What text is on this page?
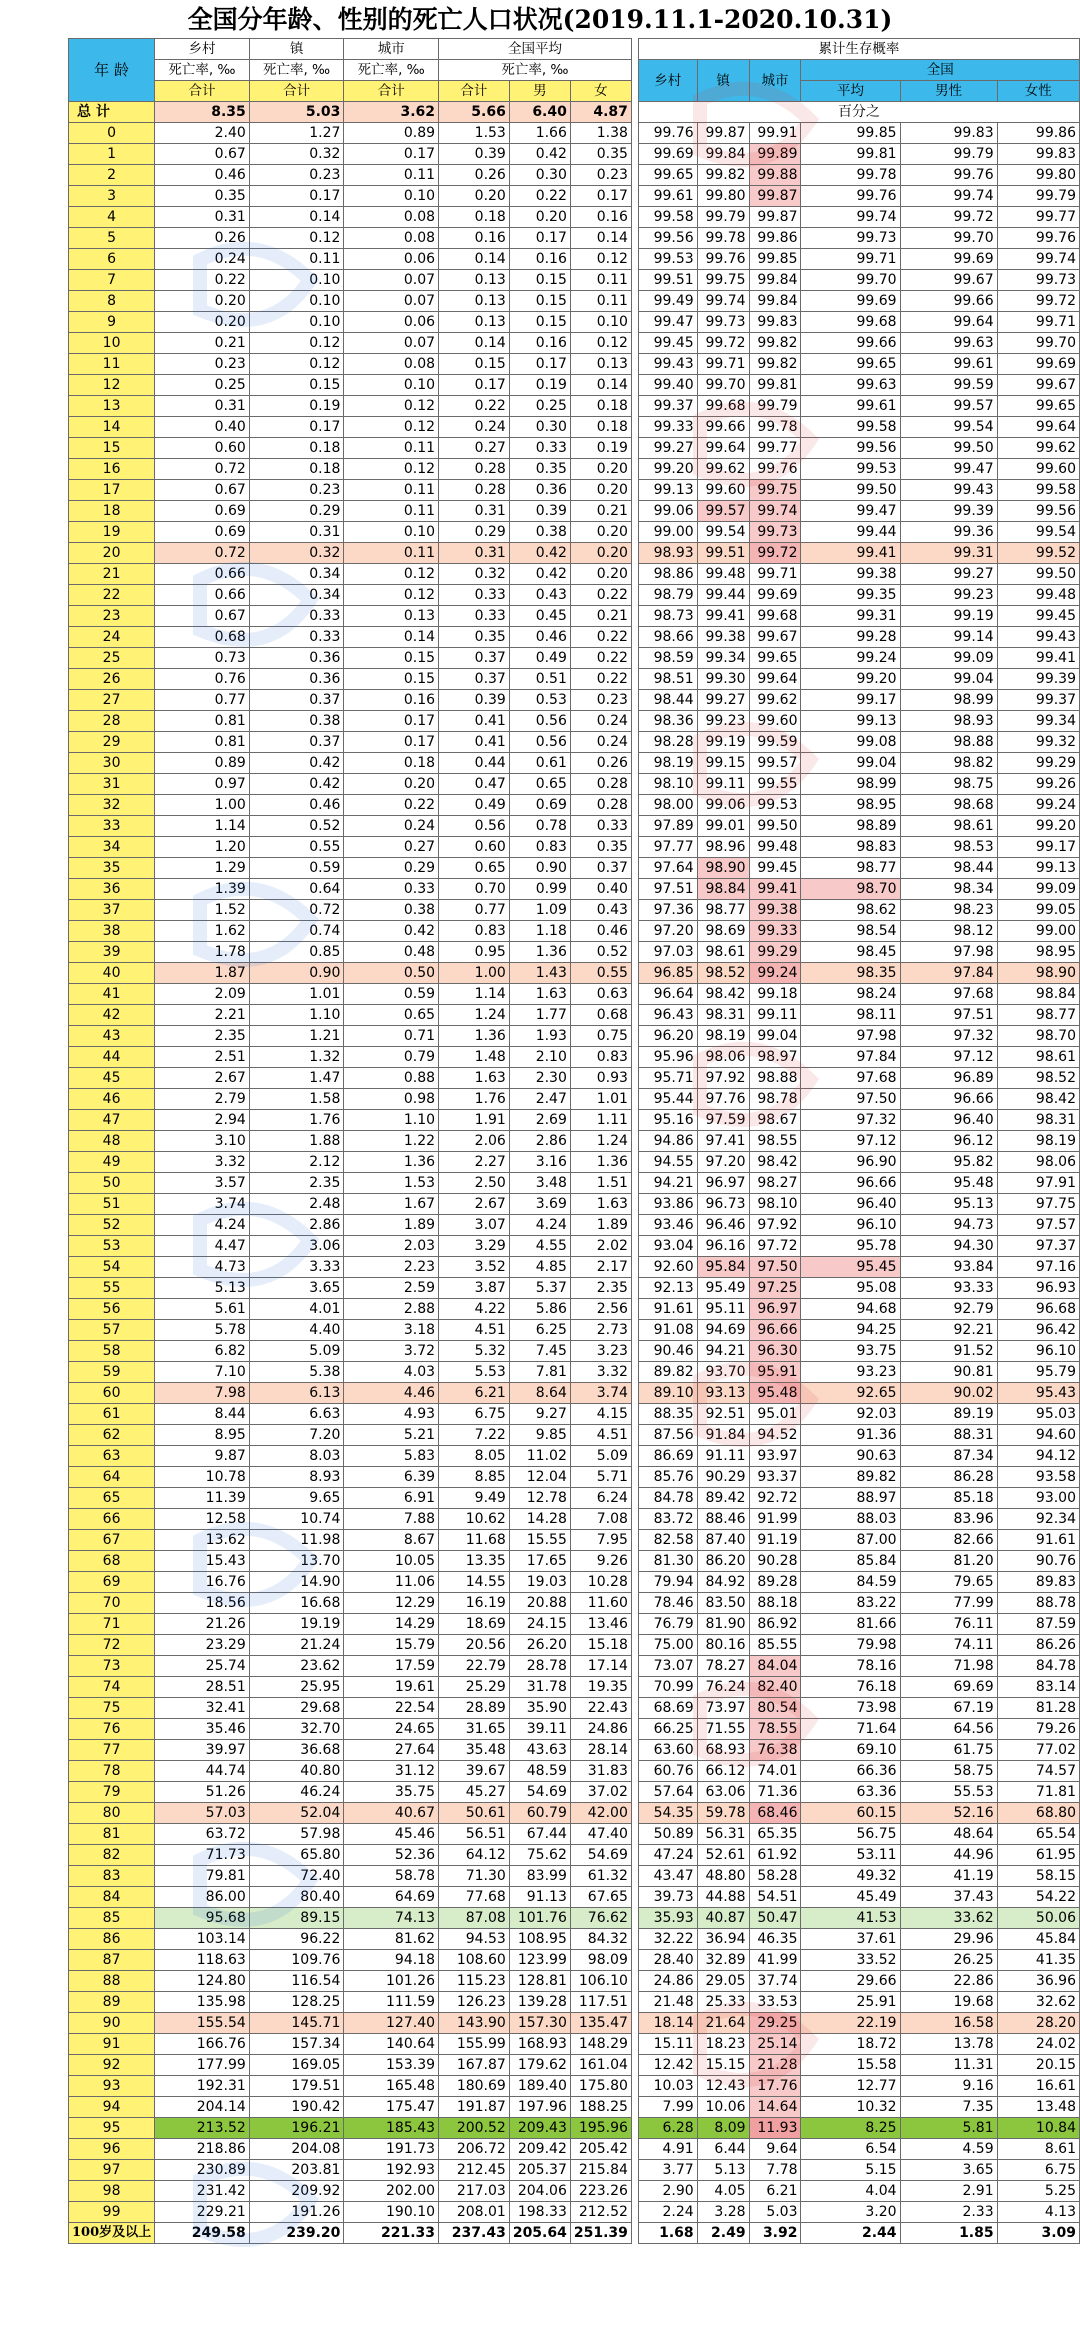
全国分年龄、性别的死亡人口状况(2019.11.1-2020.10.31)
年 龄	乡村	镇	城市	全国平均				累计生存概率					
	死亡率, ‰	死亡率, ‰	死亡率, ‰	死亡率, ‰				乡村	镇	城市	全国		
	合计	合计	合计	合计	男	女					平均	男性	女性
总 计	8.35	5.03	3.62	5.66	6.40	4.87		百分之					
0	2.40	1.27	0.89	1.53	1.66	1.38		99.76	99.87	99.91	99.85	99.83	99.86
1	0.67	0.32	0.17	0.39	0.42	0.35		99.69	99.84	99.89	99.81	99.79	99.83
2	0.46	0.23	0.11	0.26	0.30	0.23		99.65	99.82	99.88	99.78	99.76	99.80
3	0.35	0.17	0.10	0.20	0.22	0.17		99.61	99.80	99.87	99.76	99.74	99.79
4	0.31	0.14	0.08	0.18	0.20	0.16		99.58	99.79	99.87	99.74	99.72	99.77
5	0.26	0.12	0.08	0.16	0.17	0.14		99.56	99.78	99.86	99.73	99.70	99.76
6	0.24	0.11	0.06	0.14	0.16	0.12		99.53	99.76	99.85	99.71	99.69	99.74
7	0.22	0.10	0.07	0.13	0.15	0.11		99.51	99.75	99.84	99.70	99.67	99.73
8	0.20	0.10	0.07	0.13	0.15	0.11		99.49	99.74	99.84	99.69	99.66	99.72
9	0.20	0.10	0.06	0.13	0.15	0.10		99.47	99.73	99.83	99.68	99.64	99.71
10	0.21	0.12	0.07	0.14	0.16	0.12		99.45	99.72	99.82	99.66	99.63	99.70
11	0.23	0.12	0.08	0.15	0.17	0.13		99.43	99.71	99.82	99.65	99.61	99.69
12	0.25	0.15	0.10	0.17	0.19	0.14		99.40	99.70	99.81	99.63	99.59	99.67
13	0.31	0.19	0.12	0.22	0.25	0.18		99.37	99.68	99.79	99.61	99.57	99.65
14	0.40	0.17	0.12	0.24	0.30	0.18		99.33	99.66	99.78	99.58	99.54	99.64
15	0.60	0.18	0.11	0.27	0.33	0.19		99.27	99.64	99.77	99.56	99.50	99.62
16	0.72	0.18	0.12	0.28	0.35	0.20		99.20	99.62	99.76	99.53	99.47	99.60
17	0.67	0.23	0.11	0.28	0.36	0.20		99.13	99.60	99.75	99.50	99.43	99.58
18	0.69	0.29	0.11	0.31	0.39	0.21		99.06	99.57	99.74	99.47	99.39	99.56
19	0.69	0.31	0.10	0.29	0.38	0.20		99.00	99.54	99.73	99.44	99.36	99.54
20	0.72	0.32	0.11	0.31	0.42	0.20		98.93	99.51	99.72	99.41	99.31	99.52
21	0.66	0.34	0.12	0.32	0.42	0.20		98.86	99.48	99.71	99.38	99.27	99.50
22	0.66	0.34	0.12	0.33	0.43	0.22		98.79	99.44	99.69	99.35	99.23	99.48
23	0.67	0.33	0.13	0.33	0.45	0.21		98.73	99.41	99.68	99.31	99.19	99.45
24	0.68	0.33	0.14	0.35	0.46	0.22		98.66	99.38	99.67	99.28	99.14	99.43
25	0.73	0.36	0.15	0.37	0.49	0.22		98.59	99.34	99.65	99.24	99.09	99.41
26	0.76	0.36	0.15	0.37	0.51	0.22		98.51	99.30	99.64	99.20	99.04	99.39
27	0.77	0.37	0.16	0.39	0.53	0.23		98.44	99.27	99.62	99.17	98.99	99.37
28	0.81	0.38	0.17	0.41	0.56	0.24		98.36	99.23	99.60	99.13	98.93	99.34
29	0.81	0.37	0.17	0.41	0.56	0.24		98.28	99.19	99.59	99.08	98.88	99.32
30	0.89	0.42	0.18	0.44	0.61	0.26		98.19	99.15	99.57	99.04	98.82	99.29
31	0.97	0.42	0.20	0.47	0.65	0.28		98.10	99.11	99.55	98.99	98.75	99.26
32	1.00	0.46	0.22	0.49	0.69	0.28		98.00	99.06	99.53	98.95	98.68	99.24
33	1.14	0.52	0.24	0.56	0.78	0.33		97.89	99.01	99.50	98.89	98.61	99.20
34	1.20	0.55	0.27	0.60	0.83	0.35		97.77	98.96	99.48	98.83	98.53	99.17
35	1.29	0.59	0.29	0.65	0.90	0.37		97.64	98.90	99.45	98.77	98.44	99.13
36	1.39	0.64	0.33	0.70	0.99	0.40		97.51	98.84	99.41	98.70	98.34	99.09
37	1.52	0.72	0.38	0.77	1.09	0.43		97.36	98.77	99.38	98.62	98.23	99.05
38	1.62	0.74	0.42	0.83	1.18	0.46		97.20	98.69	99.33	98.54	98.12	99.00
39	1.78	0.85	0.48	0.95	1.36	0.52		97.03	98.61	99.29	98.45	97.98	98.95
40	1.87	0.90	0.50	1.00	1.43	0.55		96.85	98.52	99.24	98.35	97.84	98.90
41	2.09	1.01	0.59	1.14	1.63	0.63		96.64	98.42	99.18	98.24	97.68	98.84
42	2.21	1.10	0.65	1.24	1.77	0.68		96.43	98.31	99.11	98.11	97.51	98.77
43	2.35	1.21	0.71	1.36	1.93	0.75		96.20	98.19	99.04	97.98	97.32	98.70
44	2.51	1.32	0.79	1.48	2.10	0.83		95.96	98.06	98.97	97.84	97.12	98.61
45	2.67	1.47	0.88	1.63	2.30	0.93		95.71	97.92	98.88	97.68	96.89	98.52
46	2.79	1.58	0.98	1.76	2.47	1.01		95.44	97.76	98.78	97.50	96.66	98.42
47	2.94	1.76	1.10	1.91	2.69	1.11		95.16	97.59	98.67	97.32	96.40	98.31
48	3.10	1.88	1.22	2.06	2.86	1.24		94.86	97.41	98.55	97.12	96.12	98.19
49	3.32	2.12	1.36	2.27	3.16	1.36		94.55	97.20	98.42	96.90	95.82	98.06
50	3.57	2.35	1.53	2.50	3.48	1.51		94.21	96.97	98.27	96.66	95.48	97.91
51	3.74	2.48	1.67	2.67	3.69	1.63		93.86	96.73	98.10	96.40	95.13	97.75
52	4.24	2.86	1.89	3.07	4.24	1.89		93.46	96.46	97.92	96.10	94.73	97.57
53	4.47	3.06	2.03	3.29	4.55	2.02		93.04	96.16	97.72	95.78	94.30	97.37
54	4.73	3.33	2.23	3.52	4.85	2.17		92.60	95.84	97.50	95.45	93.84	97.16
55	5.13	3.65	2.59	3.87	5.37	2.35		92.13	95.49	97.25	95.08	93.33	96.93
56	5.61	4.01	2.88	4.22	5.86	2.56		91.61	95.11	96.97	94.68	92.79	96.68
57	5.78	4.40	3.18	4.51	6.25	2.73		91.08	94.69	96.66	94.25	92.21	96.42
58	6.82	5.09	3.72	5.32	7.45	3.23		90.46	94.21	96.30	93.75	91.52	96.10
59	7.10	5.38	4.03	5.53	7.81	3.32		89.82	93.70	95.91	93.23	90.81	95.79
60	7.98	6.13	4.46	6.21	8.64	3.74		89.10	93.13	95.48	92.65	90.02	95.43
61	8.44	6.63	4.93	6.75	9.27	4.15		88.35	92.51	95.01	92.03	89.19	95.03
62	8.95	7.20	5.21	7.22	9.85	4.51		87.56	91.84	94.52	91.36	88.31	94.60
63	9.87	8.03	5.83	8.05	11.02	5.09		86.69	91.11	93.97	90.63	87.34	94.12
64	10.78	8.93	6.39	8.85	12.04	5.71		85.76	90.29	93.37	89.82	86.28	93.58
65	11.39	9.65	6.91	9.49	12.78	6.24		84.78	89.42	92.72	88.97	85.18	93.00
66	12.58	10.74	7.88	10.62	14.28	7.08		83.72	88.46	91.99	88.03	83.96	92.34
67	13.62	11.98	8.67	11.68	15.55	7.95		82.58	87.40	91.19	87.00	82.66	91.61
68	15.43	13.70	10.05	13.35	17.65	9.26		81.30	86.20	90.28	85.84	81.20	90.76
69	16.76	14.90	11.06	14.55	19.03	10.28		79.94	84.92	89.28	84.59	79.65	89.83
70	18.56	16.68	12.29	16.19	20.88	11.60		78.46	83.50	88.18	83.22	77.99	88.78
71	21.26	19.19	14.29	18.69	24.15	13.46		76.79	81.90	86.92	81.66	76.11	87.59
72	23.29	21.24	15.79	20.56	26.20	15.18		75.00	80.16	85.55	79.98	74.11	86.26
73	25.74	23.62	17.59	22.79	28.78	17.14		73.07	78.27	84.04	78.16	71.98	84.78
74	28.51	25.95	19.61	25.29	31.78	19.35		70.99	76.24	82.40	76.18	69.69	83.14
75	32.41	29.68	22.54	28.89	35.90	22.43		68.69	73.97	80.54	73.98	67.19	81.28
76	35.46	32.70	24.65	31.65	39.11	24.86		66.25	71.55	78.55	71.64	64.56	79.26
77	39.97	36.68	27.64	35.48	43.63	28.14		63.60	68.93	76.38	69.10	61.75	77.02
78	44.74	40.80	31.12	39.67	48.59	31.83		60.76	66.12	74.01	66.36	58.75	74.57
79	51.26	46.24	35.75	45.27	54.69	37.02		57.64	63.06	71.36	63.36	55.53	71.81
80	57.03	52.04	40.67	50.61	60.79	42.00		54.35	59.78	68.46	60.15	52.16	68.80
81	63.72	57.98	45.46	56.51	67.44	47.40		50.89	56.31	65.35	56.75	48.64	65.54
82	71.73	65.80	52.36	64.12	75.62	54.69		47.24	52.61	61.92	53.11	44.96	61.95
83	79.81	72.40	58.78	71.30	83.99	61.32		43.47	48.80	58.28	49.32	41.19	58.15
84	86.00	80.40	64.69	77.68	91.13	67.65		39.73	44.88	54.51	45.49	37.43	54.22
85	95.68	89.15	74.13	87.08	101.76	76.62		35.93	40.87	50.47	41.53	33.62	50.06
86	103.14	96.22	81.62	94.53	108.95	84.32		32.22	36.94	46.35	37.61	29.96	45.84
87	118.63	109.76	94.18	108.60	123.99	98.09		28.40	32.89	41.99	33.52	26.25	41.35
88	124.80	116.54	101.26	115.23	128.81	106.10		24.86	29.05	37.74	29.66	22.86	36.96
89	135.98	128.25	111.59	126.23	139.28	117.51		21.48	25.33	33.53	25.91	19.68	32.62
90	155.54	145.71	127.40	143.90	157.30	135.47		18.14	21.64	29.25	22.19	16.58	28.20
91	166.76	157.34	140.64	155.99	168.93	148.29		15.11	18.23	25.14	18.72	13.78	24.02
92	177.99	169.05	153.39	167.87	179.62	161.04		12.42	15.15	21.28	15.58	11.31	20.15
93	192.31	179.51	165.48	180.69	189.40	175.80		10.03	12.43	17.76	12.77	9.16	16.61
94	204.14	190.42	175.47	191.87	197.96	188.25		7.99	10.06	14.64	10.32	7.35	13.48
95	213.52	196.21	185.43	200.52	209.43	195.96		6.28	8.09	11.93	8.25	5.81	10.84
96	218.86	204.08	191.73	206.72	209.42	205.42		4.91	6.44	9.64	6.54	4.59	8.61
97	230.89	203.81	192.93	212.45	205.37	215.84		3.77	5.13	7.78	5.15	3.65	6.75
98	231.42	209.92	202.00	217.03	204.06	223.26		2.90	4.05	6.21	4.04	2.91	5.25
99	229.21	191.26	190.10	208.01	198.33	212.52		2.24	3.28	5.03	3.20	2.33	4.13
100岁及以上	249.58	239.20	221.33	237.43	205.64	251.39		1.68	2.49	3.92	2.44	1.85	3.09
